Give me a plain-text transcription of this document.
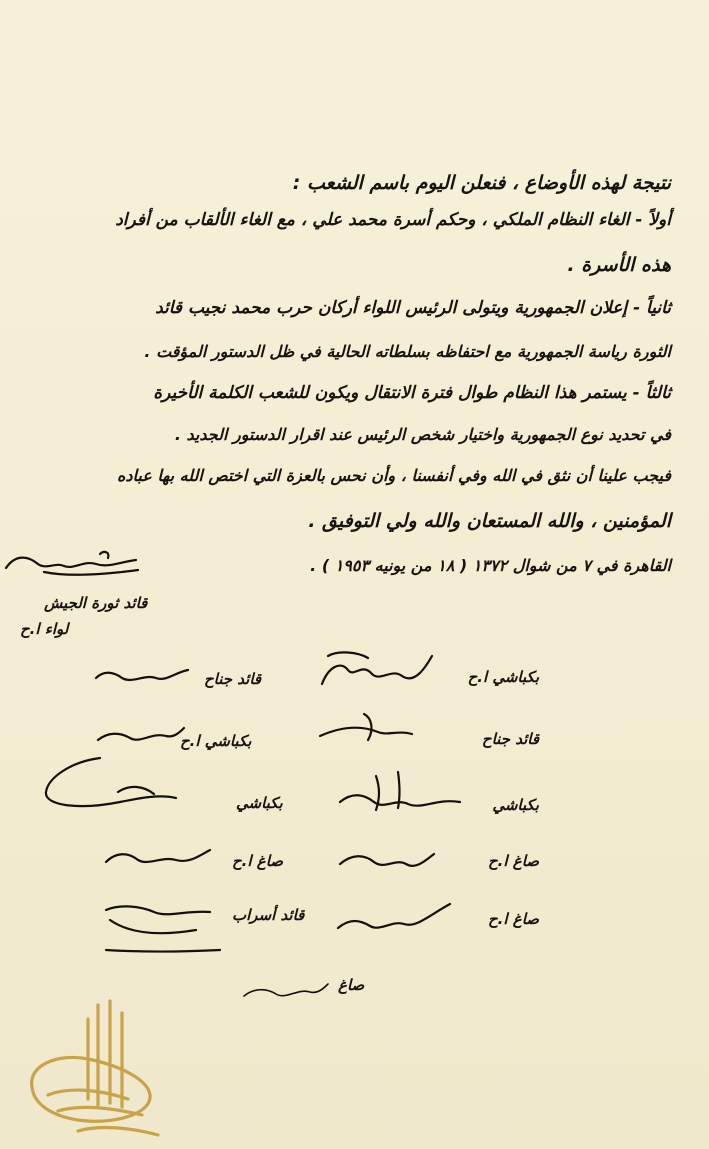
نتيجة لهذه الأوضاع ، فنعلن اليوم باسم الشعب :
أولاً - الغاء النظام الملكي ، وحكم أسرة محمد علي ، مع الغاء الألقاب من أفراد
هذه الأسرة .
ثانياً - إعلان الجمهورية ويتولى الرئيس اللواء أركان حرب محمد نجيب قائد
الثورة رياسة الجمهورية مع احتفاظه بسلطاته الحالية في ظل الدستور المؤقت .
ثالثاً - يستمر هذا النظام طوال فترة الانتقال ويكون للشعب الكلمة الأخيرة
في تحديد نوع الجمهورية واختيار شخص الرئيس عند اقرار الدستور الجديد .
فيجب علينا أن نثق في الله وفي أنفسنا ، وأن نحس بالعزة التي اختص الله بها عباده
المؤمنين ، والله المستعان والله ولي التوفيق .
القاهرة في ٧ من شوال ١٣٧٢ ( ١٨ من يونيه ١٩٥٣ ) .
قائد ثورة الجيش
لواء ا.ح
بكباشي ا.ح
قائد جناح
بكباشي
صاغ ا.ح
صاغ ا.ح
قائد جناح
بكباشي ا.ح
بكباشي
صاغ ا.ح
قائد أسراب
صاغ
